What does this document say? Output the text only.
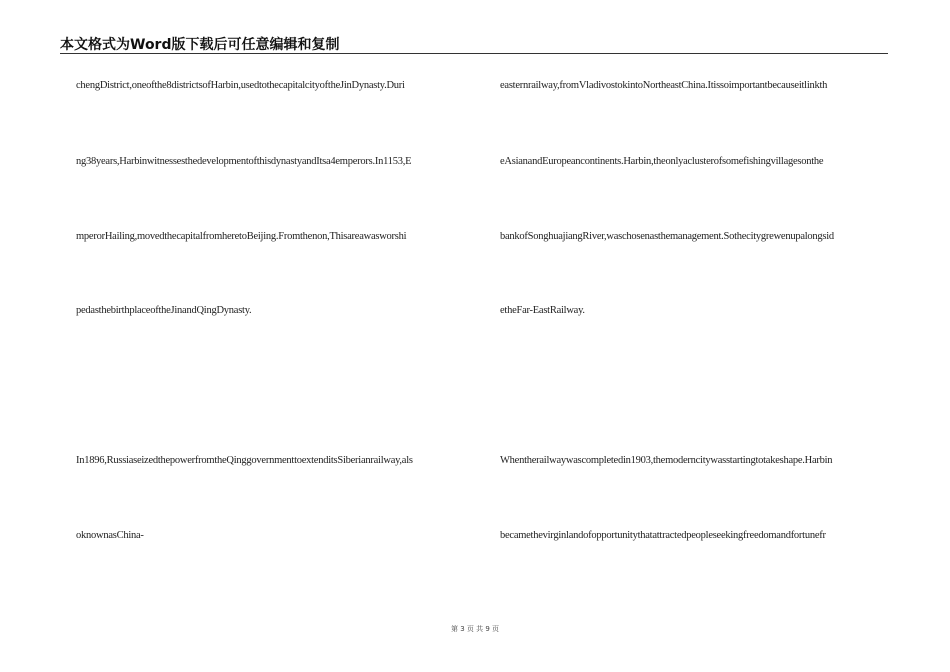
本文格式为Word版下载后可任意编辑和复制
chengDistrict,oneofthe8districtsofHarbin,usedtothecapitalcityoftheJinDynasty.Duri
ng38years,HarbinwitnessesthedevelopmentofthisdynastyandItsa4emperors.In1153,E
mperorHailing,movedthecapitalfromheretoBeijing.Fromthenon,Thisareawasworshi
pedasthebirthplaceoftheJinandQingDynasty.
In1896,RussiaseizedthepowerfromtheQinggovernmenttoextenditsSiberianrailway,als
oknownasChina-
easternrailway,fromVladivostokintoNortheastChina.Itissoimportantbecauseitlinkth
eAsianandEuropeancontinents.Harbin,theonlyaclusterofsomefishingvillagesonthe
bankofSonghuajiangRiver,waschosenasthemanagement.Sothecitygrewenupalongsid
etheFar-EastRailway.
Whentherailwaywascompletedin1903,themoderncitywasstartingtotakeshape.Harbin
becamethevirginlandofopportunitythatattractedpeopleseekingfreedomandfortunefr
第 3 页 共 9 页
